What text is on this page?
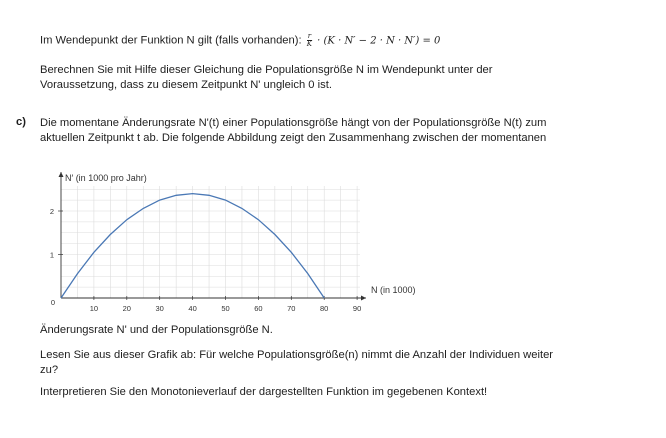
Im Wendepunkt der Funktion N gilt (falls vorhanden): $\frac{r}{K} \cdot (K \cdot N' - 2 \cdot N \cdot N') = 0$
Berechnen Sie mit Hilfe dieser Gleichung die Populationsgröße N im Wendepunkt unter der
Voraussetzung, dass zu diesem Zeitpunkt N' ungleich 0 ist.
c) Die momentane Änderungsrate N'(t) einer Populationsgröße hängt von der Populationsgröße N(t) zum
aktuellen Zeitpunkt t ab. Die folgende Abbildung zeigt den Zusammenhang zwischen der momentanen
10	20	30	40	50	60	70	80	90
1
2
N′ (in 1000 pro Jahr)
N (in 1000)
0
Änderungsrate N' und der Populationsgröße N.
Lesen Sie aus dieser Grafik ab: Für welche Populationsgröße(n) nimmt die Anzahl der Individuen weiter
zu?
Interpretieren Sie den Monotonieverlauf der dargestellten Funktion im gegebenen Kontext!
